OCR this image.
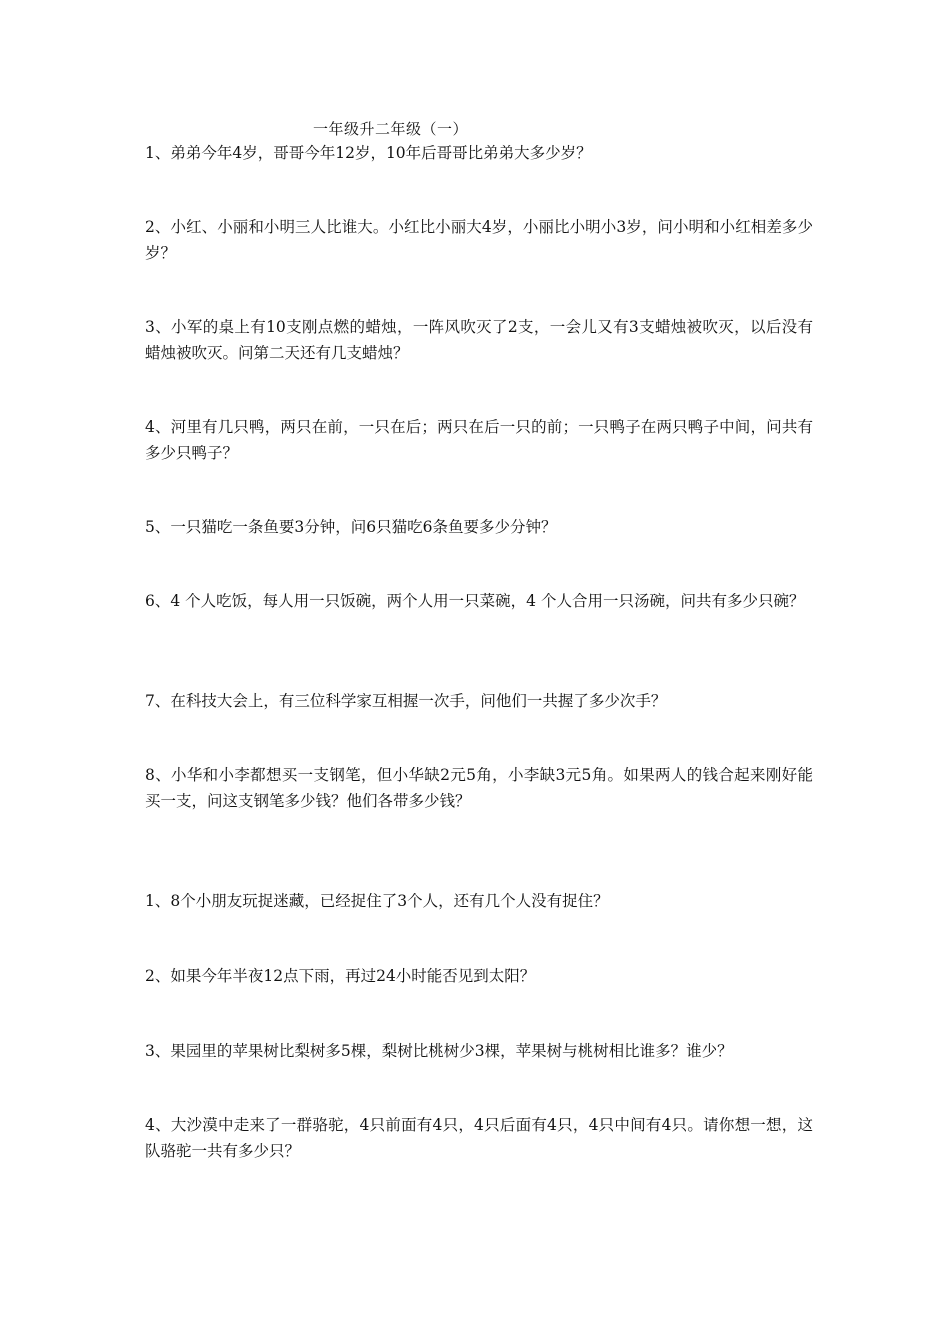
一年级升二年级（一）
1、弟弟今年4岁，哥哥今年12岁，10年后哥哥比弟弟大多少岁？
2、小红、小丽和小明三人比谁大。小红比小丽大4岁，小丽比小明小3岁，问小明和小红相差多少岁？
3、小军的桌上有10支刚点燃的蜡烛，一阵风吹灭了2支，一会儿又有3支蜡烛被吹灭，以后没有蜡烛被吹灭。问第二天还有几支蜡烛？
4、河里有几只鸭，两只在前，一只在后；两只在后一只的前；一只鸭子在两只鸭子中间，问共有多少只鸭子？
5、一只猫吃一条鱼要3分钟，问6只猫吃6条鱼要多少分钟？
6、4 个人吃饭，每人用一只饭碗，两个人用一只菜碗，4 个人合用一只汤碗，问共有多少只碗？
7、在科技大会上，有三位科学家互相握一次手，问他们一共握了多少次手？
8、小华和小李都想买一支钢笔，但小华缺2元5角，小李缺3元5角。如果两人的钱合起来刚好能买一支，问这支钢笔多少钱？他们各带多少钱？
1、8个小朋友玩捉迷藏，已经捉住了3个人，还有几个人没有捉住？
2、如果今年半夜12点下雨，再过24小时能否见到太阳？
3、果园里的苹果树比梨树多5棵，梨树比桃树少3棵，苹果树与桃树相比谁多？谁少？
4、大沙漠中走来了一群骆驼，4只前面有4只，4只后面有4只，4只中间有4只。请你想一想，这队骆驼一共有多少只？
